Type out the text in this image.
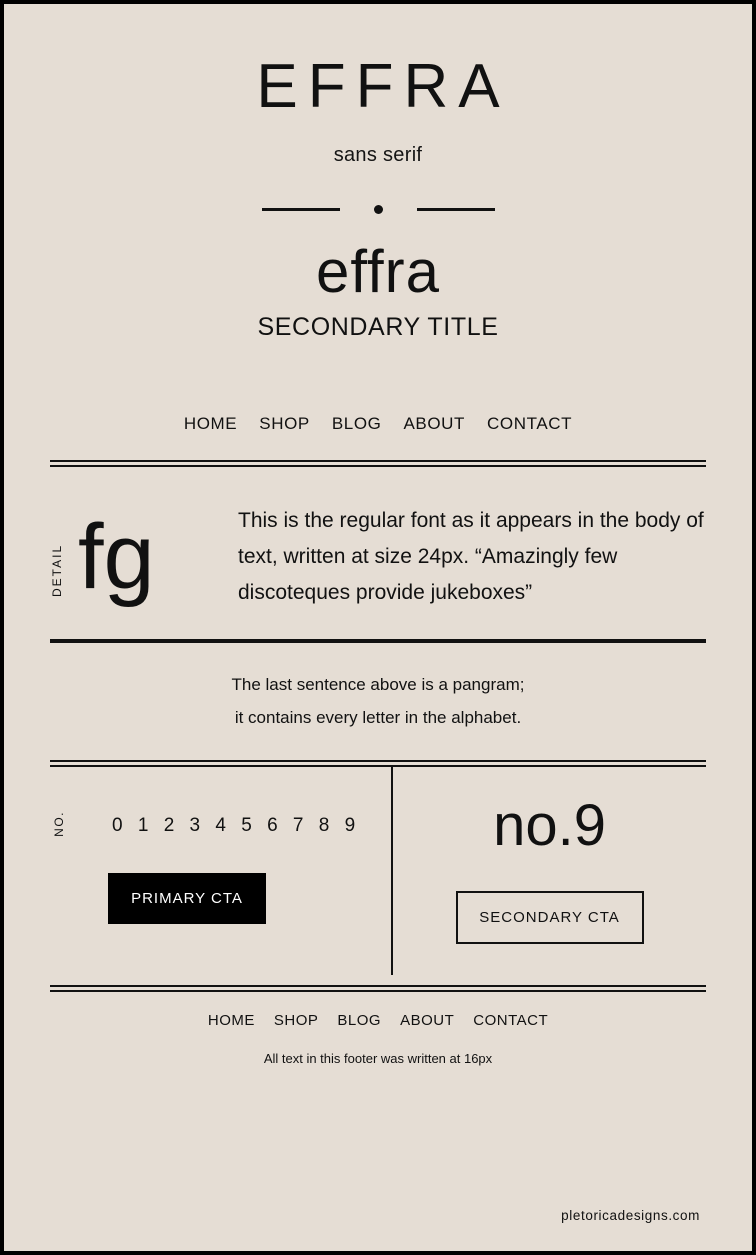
EFFRA
sans serif
effra
SECONDARY TITLE
HOME SHOP BLOG ABOUT CONTACT
DETAIL fg	This is the regular font as it appears in the body of text, written at size 24px. “Amazingly few discoteques provide jukeboxes”
The last sentence above is a pangram;
it contains every letter in the alphabet.
NO.	0 1 2 3 4 5 6 7 8 9
PRIMARY CTA
no.9
SECONDARY CTA
HOME SHOP BLOG ABOUT CONTACT
All text in this footer was written at 16px
pletoricadesigns.com
